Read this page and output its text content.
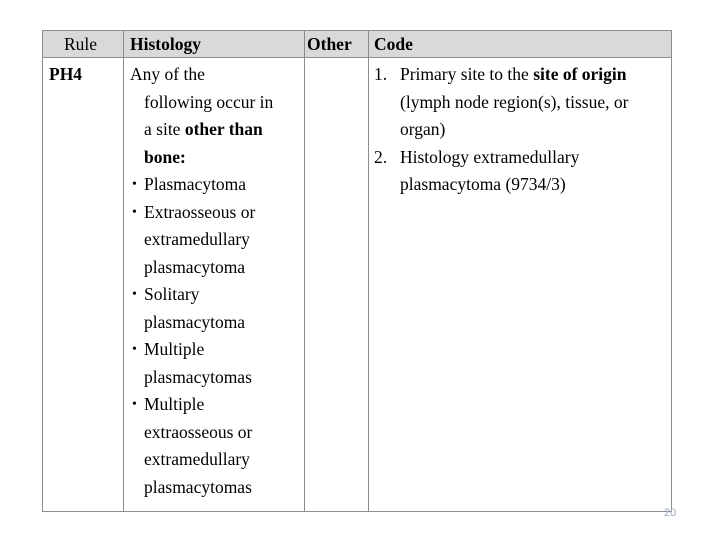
Rule Histology	Other Code
PH4	Any of the
following occur in
a site other than
bone:
• Plasmacytoma
• Extraosseous or
extramedullary
plasmacytoma
• Solitary
plasmacytoma
• Multiple
plasmacytomas
• Multiple
extraosseous or
extramedullary
plasmacytomas
1. Primary site to the site of origin
(lymph node region(s), tissue, or
organ)
2. Histology extramedullary
plasmacytoma (9734/3)
20
